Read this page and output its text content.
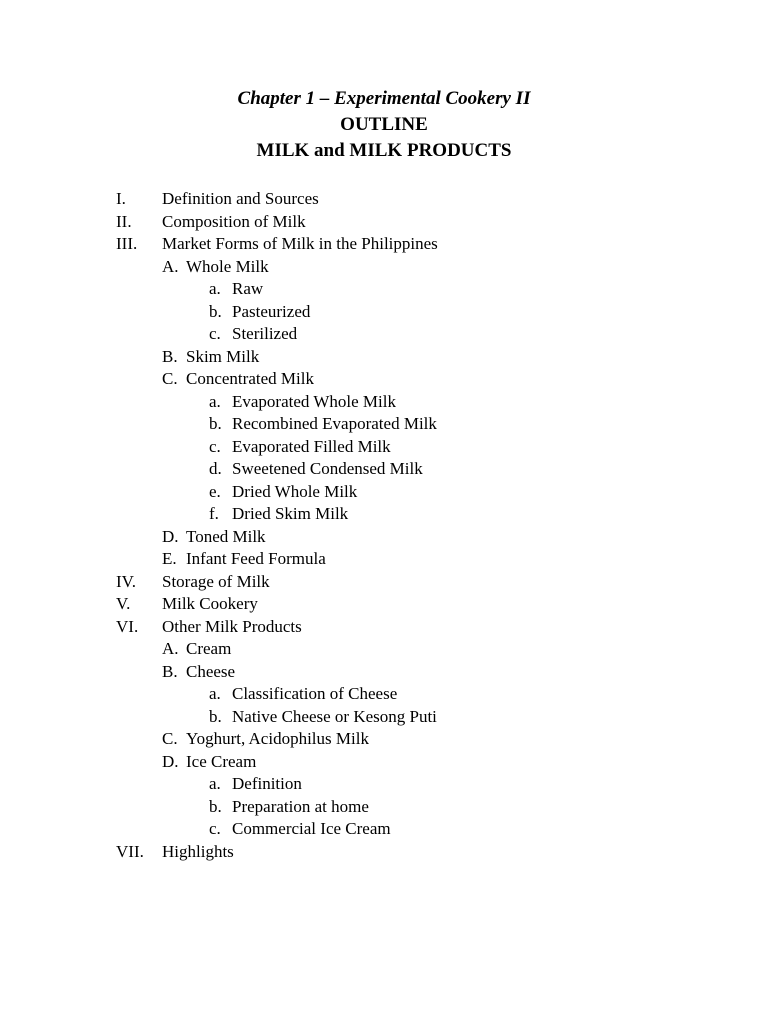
Chapter 1 – Experimental Cookery II
OUTLINE
MILK and MILK PRODUCTS
I. Definition and Sources
II. Composition of Milk
III. Market Forms of Milk in the Philippines
A. Whole Milk
a. Raw
b. Pasteurized
c. Sterilized
B. Skim Milk
C. Concentrated Milk
a. Evaporated Whole Milk
b. Recombined Evaporated Milk
c. Evaporated Filled Milk
d. Sweetened Condensed Milk
e. Dried Whole Milk
f. Dried Skim Milk
D. Toned Milk
E. Infant Feed Formula
IV. Storage of Milk
V. Milk Cookery
VI. Other Milk Products
A. Cream
B. Cheese
a. Classification of Cheese
b. Native Cheese or Kesong Puti
C. Yoghurt, Acidophilus Milk
D. Ice Cream
a. Definition
b. Preparation at home
c. Commercial Ice Cream
VII. Highlights
